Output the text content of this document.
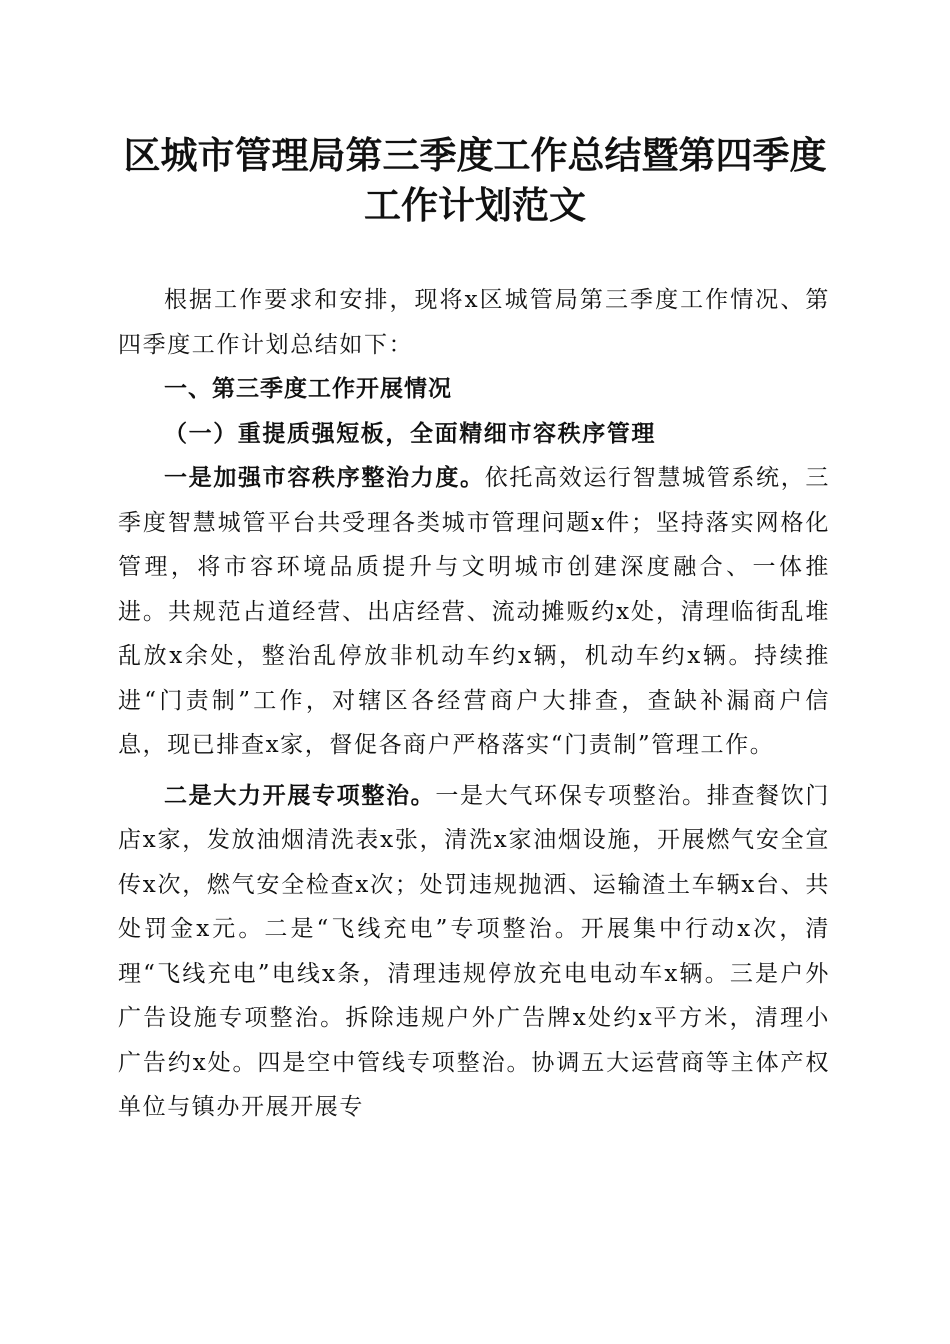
区城市管理局第三季度工作总结暨第四季度工作计划范文

根据工作要求和安排，现将x区城管局第三季度工作情况、第四季度工作计划总结如下：

一、第三季度工作开展情况

（一）重提质强短板，全面精细市容秩序管理

一是加强市容秩序整治力度。依托高效运行智慧城管系统，三季度智慧城管平台共受理各类城市管理问题x件；坚持落实网格化管理，将市容环境品质提升与文明城市创建深度融合、一体推进。共规范占道经营、出店经营、流动摊贩约x处，清理临街乱堆乱放x余处，整治乱停放非机动车约x辆，机动车约x辆。持续推进“门责制”工作，对辖区各经营商户大排查，查缺补漏商户信息，现已排查x家，督促各商户严格落实“门责制”管理工作。

二是大力开展专项整治。一是大气环保专项整治。排查餐饮门店x家，发放油烟清洗表x张，清洗x家油烟设施，开展燃气安全宣传x次，燃气安全检查x次；处罚违规抛洒、运输渣土车辆x台、共处罚金x元。二是“飞线充电”专项整治。开展集中行动x次，清理“飞线充电”电线x条，清理违规停放充电电动车x辆。三是户外广告设施专项整治。拆除违规户外广告牌x处约x平方米，清理小广告约x处。四是空中管线专项整治。协调五大运营商等主体产权单位与镇办开展开展专
